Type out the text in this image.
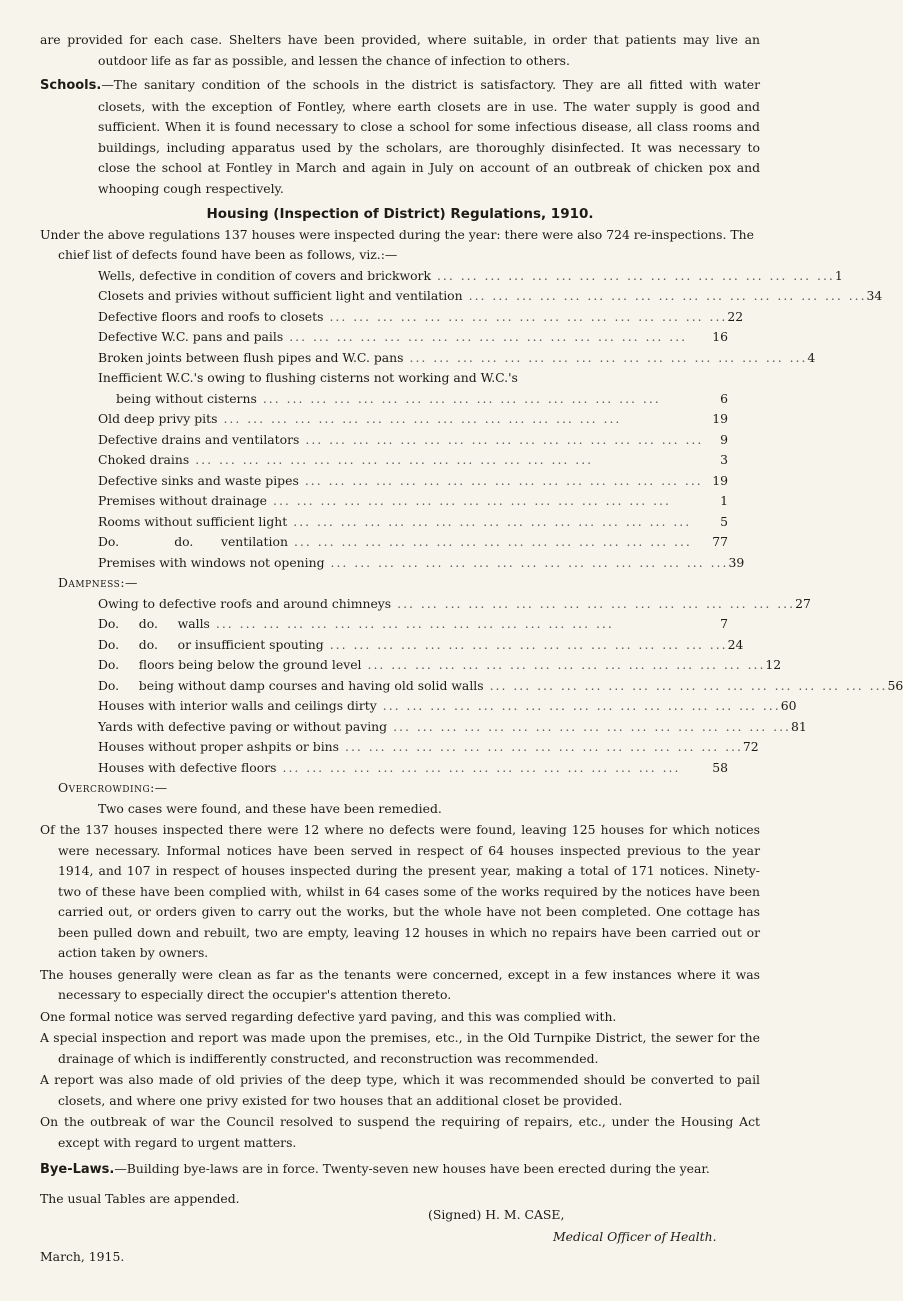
are provided for each case. Shelters have been provided, where suitable, in order that patients may live an outdoor life as far as possible, and lessen the chance of infection to others.

Schools.—The sanitary condition of the schools in the district is satisfactory. They are all fitted with water closets, with the exception of Fontley, where earth closets are in use. The water supply is good and sufficient. When it is found necessary to close a school for some infectious disease, all class rooms and buildings, including apparatus used by the scholars, are thoroughly disinfected. It was necessary to close the school at Fontley in March and again in July on account of an outbreak of chicken pox and whooping cough respectively.

Housing (Inspection of District) Regulations, 1910.

Under the above regulations 137 houses were inspected during the year: there were also 724 re-inspections. The chief list of defects found have been as follows, viz.:—

Wells, defective in condition of covers and brickwork ... ... ... ... ... ... ... ... ... ... ... ... ... ... ... ... ... 1
Closets and privies without sufficient light and ventilation ... ... ... ... ... ... ... ... ... ... ... ... ... ... ... ... ... 34
Defective floors and roofs to closets ... ... ... ... ... ... ... ... ... ... ... ... ... ... ... ... ... 22
Defective W.C. pans and pails ... ... ... ... ... ... ... ... ... ... ... ... ... ... ... ... ...	16
Broken joints between flush pipes and W.C. pans ... ... ... ... ... ... ... ... ... ... ... ... ... ... ... ... ... 4
Inefficient W.C.'s owing to flushing cisterns not working and W.C.'s
being without cisterns ... ... ... ... ... ... ... ... ... ... ... ... ... ... ... ... ...	6
Old deep privy pits ... ... ... ... ... ... ... ... ... ... ... ... ... ... ... ... ...	19
Defective drains and ventilators ... ... ... ... ... ... ... ... ... ... ... ... ... ... ... ... ...	9
Choked drains ... ... ... ... ... ... ... ... ... ... ... ... ... ... ... ... ...	3
Defective sinks and waste pipes ... ... ... ... ... ... ... ... ... ... ... ... ... ... ... ... ... 19
Premises without drainage ... ... ... ... ... ... ... ... ... ... ... ... ... ... ... ... ...	1
Rooms without sufficient light ... ... ... ... ... ... ... ... ... ... ... ... ... ... ... ... ...	5
Do.              do.       ventilation ... ... ... ... ... ... ... ... ... ... ... ... ... ... ... ... ...	77
Premises with windows not opening ... ... ... ... ... ... ... ... ... ... ... ... ... ... ... ... ... 39
Dampness:—
Owing to defective roofs and around chimneys ... ... ... ... ... ... ... ... ... ... ... ... ... ... ... ... ... 27
Do.     do.     walls ... ... ... ... ... ... ... ... ... ... ... ... ... ... ... ... ...	7
Do.     do.     or insufficient spouting ... ... ... ... ... ... ... ... ... ... ... ... ... ... ... ... ... 24
Do.     floors being below the ground level ... ... ... ... ... ... ... ... ... ... ... ... ... ... ... ... ... 12
Do.     being without damp courses and having old solid walls ... ... ... ... ... ... ... ... ... ... ... ... ... ... ... ... ... 56
Houses with interior walls and ceilings dirty ... ... ... ... ... ... ... ... ... ... ... ... ... ... ... ... ... 60
Yards with defective paving or without paving ... ... ... ... ... ... ... ... ... ... ... ... ... ... ... ... ... 81
Houses without proper ashpits or bins ... ... ... ... ... ... ... ... ... ... ... ... ... ... ... ... ... 72
Houses with defective floors ... ... ... ... ... ... ... ... ... ... ... ... ... ... ... ... ...	58
Overcrowding:—
Two cases were found, and these have been remedied.

Of the 137 houses inspected there were 12 where no defects were found, leaving 125 houses for which notices were necessary. Informal notices have been served in respect of 64 houses inspected previous to the year 1914, and 107 in respect of houses inspected during the present year, making a total of 171 notices. Ninety-two of these have been complied with, whilst in 64 cases some of the works required by the notices have been carried out, or orders given to carry out the works, but the whole have not been completed. One cottage has been pulled down and rebuilt, two are empty, leaving 12 houses in which no repairs have been carried out or action taken by owners.

The houses generally were clean as far as the tenants were concerned, except in a few instances where it was necessary to especially direct the occupier's attention thereto.

One formal notice was served regarding defective yard paving, and this was complied with.

A special inspection and report was made upon the premises, etc., in the Old Turnpike District, the sewer for the drainage of which is indifferently constructed, and reconstruction was recommended.

A report was also made of old privies of the deep type, which it was recommended should be converted to pail closets, and where one privy existed for two houses that an additional closet be provided.

On the outbreak of war the Council resolved to suspend the requiring of repairs, etc., under the Housing Act except with regard to urgent matters.

Bye-Laws.—Building bye-laws are in force. Twenty-seven new houses have been erected during the year.

The usual Tables are appended.
(Signed) H. M. CASE,
Medical Officer of Health.
March, 1915.
